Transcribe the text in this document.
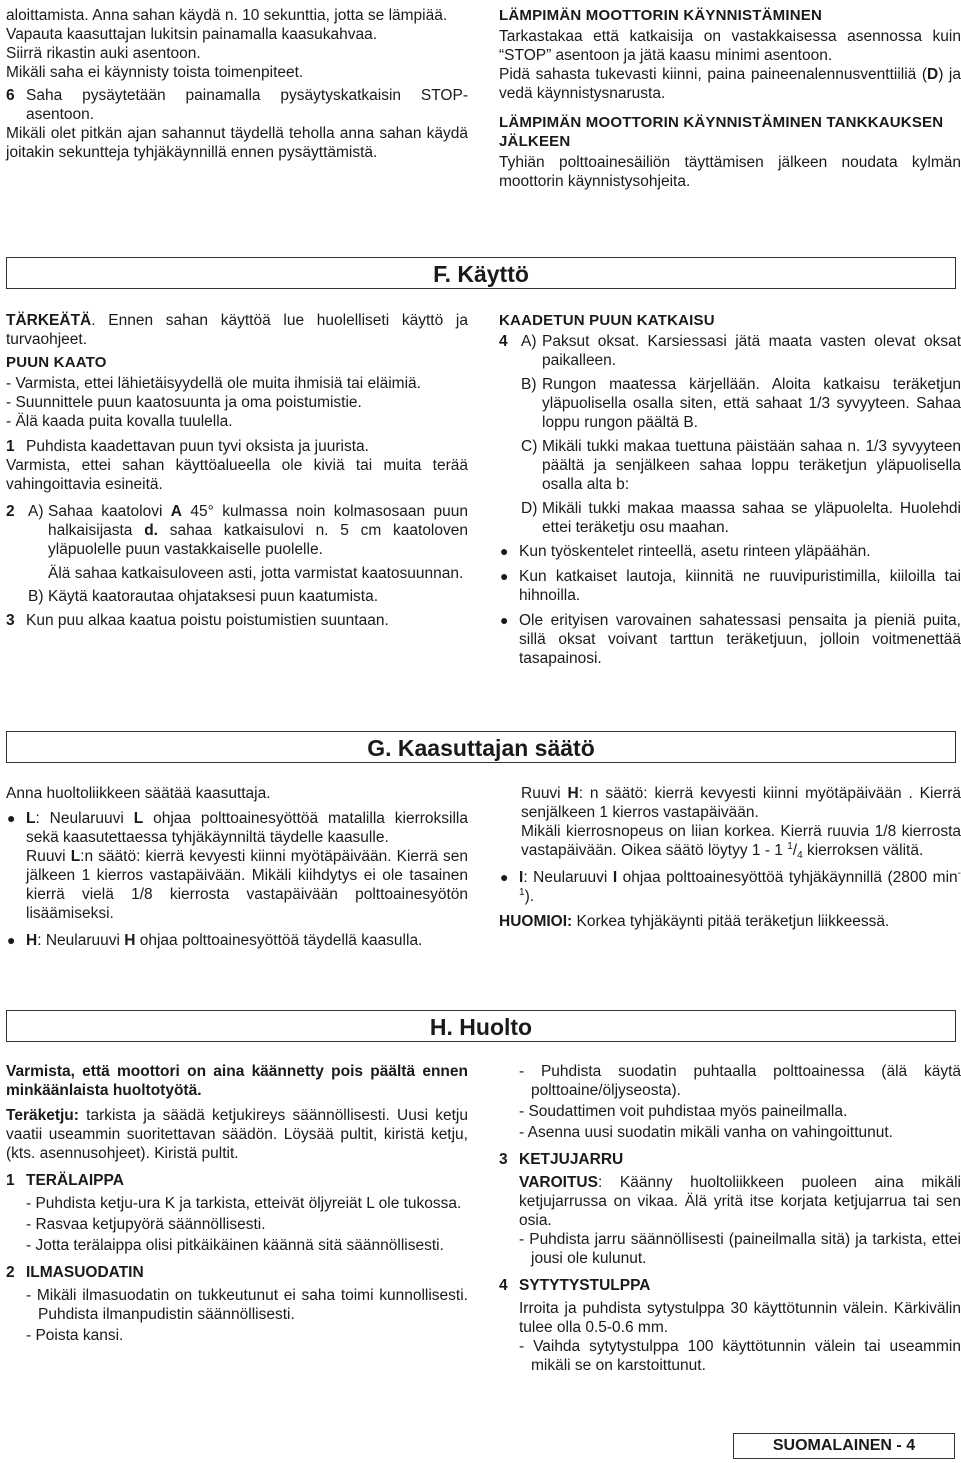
aloittamista. Anna sahan käydä n. 10 sekunttia, jotta se lämpiää.

Vapauta kaasuttajan lukitsin painamalla kaasukahvaa.

Siirrä rikastin auki asentoon.

Mikäli saha ei käynnisty toista toimenpiteet.

6 Saha pysäytetään painamalla pysäytyskatkaisin STOP-asentoon.

Mikäli olet pitkän ajan sahannut täydellä teholla anna sahan käydä joitakin sekuntteja tyhjäkäynnillä ennen pysäyttämistä.

LÄMPIMÄN MOOTTORIN KÄYNNISTÄMINEN

Tarkastakaa että katkaisija on vastakkaisessa asennossa kuin “STOP” asentoon ja jätä kaasu minimi asentoon.

Pidä sahasta tukevasti kiinni, paina paineenalennusventtiiliä (D) ja vedä käynnistysnarusta.

LÄMPIMÄN MOOTTORIN KÄYNNISTÄMINEN TANKKAUKSEN JÄLKEEN

Tyhiän polttoainesäiliön täyttämisen jälkeen noudata kylmän moottorin käynnistysohjeita.

F. Käyttö

TÄRKEÄTÄ. Ennen sahan käyttöä lue huolelliseti käyttö ja turvaohjeet.

PUUN KAATO

- Varmista, ettei lähietäisyydellä ole muita ihmisiä tai eläimiä.

- Suunnittele puun kaatosuunta ja oma poistumistie.

- Älä kaada puita kovalla tuulella.

1 Puhdista kaadettavan puun tyvi oksista ja juurista.

Varmista, ettei sahan käyttöalueella ole kiviä tai muita terää vahingoittavia esineitä.

2 A) Sahaa kaatolovi A 45° kulmassa noin kolmasosaan puun halkaisijasta d. sahaa katkaisulovi n. 5 cm kaatoloven yläpuolelle puun vastakkaiselle puolelle.

Älä sahaa katkaisuloveen asti, jotta varmistat kaatosuunnan.

B) Käytä kaatorautaa ohjataksesi puun kaatumista.
3 Kun puu alkaa kaatua poistu poistumistien suuntaan.

KAADETUN PUUN KATKAISU

4 A) Paksut oksat. Karsiessasi jätä maata vasten olevat oksat paikalleen.
B) Rungon maatessa kärjellään. Aloita katkaisu teräketjun yläpuolisella osalla siten, että sahaat 1/3 syvyyteen. Sahaa loppu rungon päältä B.
C) Mikäli tukki makaa tuettuna päistään sahaa n. 1/3 syvyyteen päältä ja senjälkeen sahaa loppu teräketjun yläpuolisella osalla alta b:
D) Mikäli tukki makaa maassa sahaa se yläpuolelta. Huolehdi ettei teräketju osu maahan.
● Kun työskentelet rinteellä, asetu rinteen yläpäähän.
● Kun katkaiset lautoja, kiinnitä ne ruuvipuristimilla, kiiloilla tai hihnoilla.
● Ole erityisen varovainen sahatessasi pensaita ja pieniä puita, sillä oksat voivant tarttun teräketjuun, jolloin voitmenettää tasapainosi.
G. Kaasuttajan säätö

Anna huoltoliikkeen säätää kaasuttaja.

● L: Neularuuvi L ohjaa polttoainesyöttöä matalilla kierroksilla sekä kaasutettaessa tyhjäkäynniltä täydelle kaasulle.

Ruuvi L:n säätö: kierrä kevyesti kiinni myötäpäivään. Kierrä sen jälkeen 1 kierros vastapäivään. Mikäli kiihdytys ei ole tasainen kierrä vielä 1/8 kierrosta vastapäivään polttoainesyötön lisäämiseksi.

● H: Neularuuvi H ohjaa polttoainesyöttöä täydellä kaasulla.

Ruuvi H: n säätö: kierrä kevyesti kiinni myötäpäivään . Kierrä senjälkeen 1 kierros vastapäivään.

Mikäli kierrosnopeus on liian korkea. Kierrä ruuvia 1/8 kierrosta vastapäivään. Oikea säätö löytyy 1 - 1 $^1/_4$ kierroksen välitä.

● I: Neularuuvi I ohjaa polttoainesyöttöä tyhjäkäynnillä (2800 $\min^{-1}$).

HUOMIOI: Korkea tyhjäkäynti pitää teräketjun liikkeessä.

H. Huolto

Varmista, että moottori on aina käännetty pois päältä ennen minkäänlaista huoltotyötä.

Teräketju: tarkista ja säädä ketjukireys säännöllisesti. Uusi ketju vaatii useammin suoritettavan säädön. Löysää pultit, kiristä ketju, (kts. asennusohjeet). Kiristä pultit.

1 TERÄLAIPPA

- Puhdista ketju-ura K ja tarkista, etteivät öljyreiät L ole tukossa.

- Rasvaa ketjupyörä säännöllisesti.

- Jotta terälaippa olisi pitkäikäinen käännä sitä säännöllisesti.

2 ILMASUODATIN

- Mikäli ilmasuodatin on tukkeutunut ei saha toimi kunnollisesti. Puhdista ilmanpudistin säännöllisesti.

- Poista kansi.

- Puhdista suodatin puhtaalla polttoainessa (älä käytä polttoaine/öljyseosta).

- Soudattimen voit puhdistaa myös paineilmalla.

- Asenna uusi suodatin mikäli vanha on vahingoittunut.

3 KETJUJARRU

VAROITUS: Käänny huoltoliikkeen puoleen aina mikäli ketjujarrussa on vikaa. Älä yritä itse korjata ketjujarrua tai sen osia.

- Puhdista jarru säännöllisesti (paineilmalla sitä) ja tarkista, ettei jousi ole kulunut.

4 SYTYTYSTULPPA

Irroita ja puhdista sytystulppa 30 käyttötunnin välein. Kärkivälin tulee olla 0.5-0.6 mm.

- Vaihda sytytystulppa 100 käyttötunnin välein tai useammin mikäli se on karstoittunut.

SUOMALAINEN - 4
